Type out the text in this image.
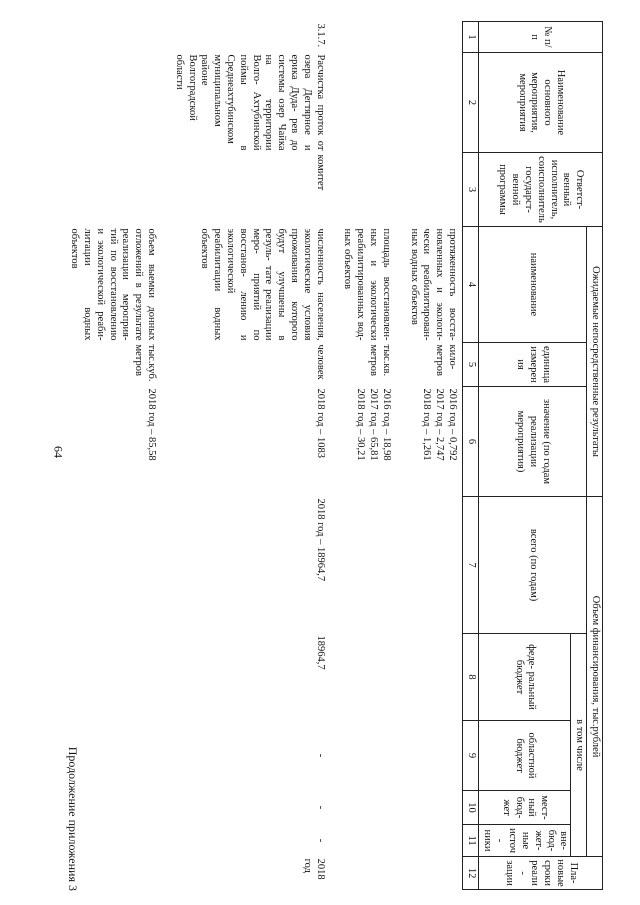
64
Продолжение приложения 3
№ п/п	Наименование основного мероприятия, мероприятия	Ответст- венный исполнитель, соисполнитель государст- венной программы	Ожидаемые непосредственные результаты			Объем финансирования, тыс.рублей					Пла- новые сроки реали- зации
			наименование	единица измерения	значение (по годам реализации мероприятия)	всего (по годам)	в том числе				
							феде- ральный бюджет	областной бюджет	мест- ный бюд- жет	вне- бюд- жет- ные источ- ники	

1	2	3	4	5	6	7	8	9	10	11	12
			протяженность восста- новленных и экологи- чески реабилитирован- ных водных объектов	кило- метров	2016 год – 0,792
2017 год – 2,747
2018 год – 1,261						
			площадь восстановлен- ных и экологически реабилитированных вод- ных объектов	тыс.кв. метров	2016 год – 18,98
2017 год – 65,81
2018 год – 30,21						
3.1.7.	Расчистка проток от озера Дегтярное и ерика Дуда- рев до системы озер Чайка на территории Волго- Ахтубинской поймы в Среднеахтубинском муниципальном районе Волгоградской области	комитет	численность населения, экологические условия проживания которого будут улучшены в резуль- тате реализации меро- приятий по восстанов- лению и экологической реабилитации водных объектов	человек	2018 год – 1083	2018 год – 18964,7	18964,7	-	-	-	2018 год
			объем выемки донных отложений в результате реализации мероприя- тий по восстановлению и экологической реаби- литации водных объектов	тыс.куб. метров	2018 год – 85,58						
